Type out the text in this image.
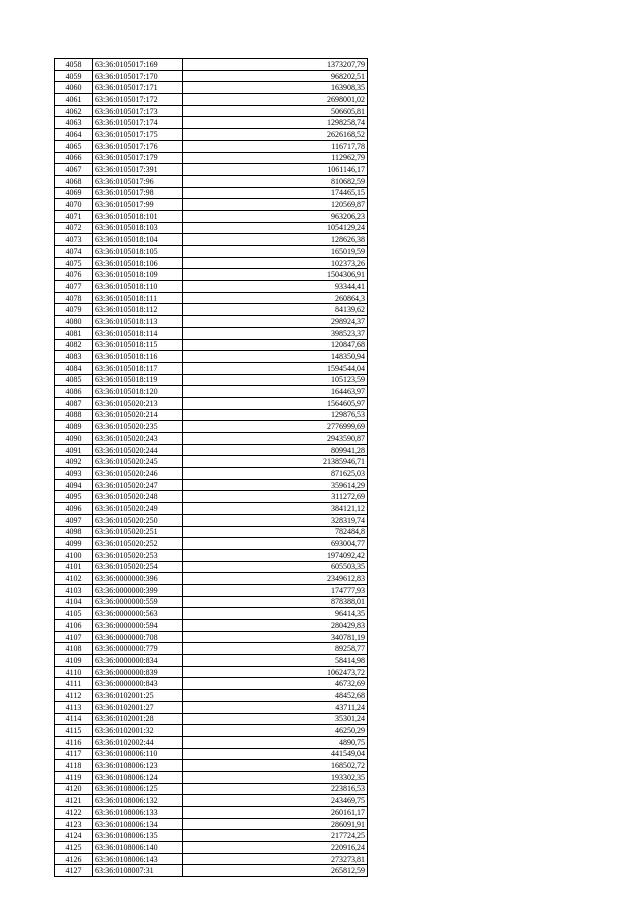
4058	63:36:0105017:169	1373207,79
4059	63:36:0105017:170	968202,51
4060	63:36:0105017:171	163908,35
4061	63:36:0105017:172	2698001,02
4062	63:36:0105017:173	506605,81
4063	63:36:0105017:174	1298258,74
4064	63:36:0105017:175	2626168,52
4065	63:36:0105017:176	116717,78
4066	63:36:0105017:179	112962,79
4067	63:36:0105017:391	1061146,17
4068	63:36:0105017:96	810682,59
4069	63:36:0105017:98	174465,15
4070	63:36:0105017:99	120569,87
4071	63:36:0105018:101	963206,23
4072	63:36:0105018:103	1054129,24
4073	63:36:0105018:104	128626,38
4074	63:36:0105018:105	165019,59
4075	63:36:0105018:106	102373,26
4076	63:36:0105018:109	1504306,91
4077	63:36:0105018:110	93344,41
4078	63:36:0105018:111	260864,3
4079	63:36:0105018:112	84139,62
4080	63:36:0105018:113	298924,37
4081	63:36:0105018:114	398523,37
4082	63:36:0105018:115	120847,68
4083	63:36:0105018:116	148350,94
4084	63:36:0105018:117	1594544,04
4085	63:36:0105018:119	105123,59
4086	63:36:0105018:120	164463,97
4087	63:36:0105020:213	1564605,97
4088	63:36:0105020:214	129876,53
4089	63:36:0105020:235	2776999,69
4090	63:36:0105020:243	2943590,87
4091	63:36:0105020:244	809941,28
4092	63:36:0105020:245	21385946,71
4093	63:36:0105020:246	871625,03
4094	63:36:0105020:247	359614,29
4095	63:36:0105020:248	311272,69
4096	63:36:0105020:249	384121,12
4097	63:36:0105020:250	328319,74
4098	63:36:0105020:251	782484,8
4099	63:36:0105020:252	693004,77
4100	63:36:0105020:253	1974092,42
4101	63:36:0105020:254	605503,35
4102	63:36:0000000:396	2349612,83
4103	63:36:0000000:399	174777,93
4104	63:36:0000000:559	878388,01
4105	63:36:0000000:563	96414,35
4106	63:36:0000000:594	280429,83
4107	63:36:0000000:708	340781,19
4108	63:36:0000000:779	89258,77
4109	63:36:0000000:834	58414,98
4110	63:36:0000000:839	1062473,72
4111	63:36:0000000:843	46732,69
4112	63:36:0102001:25	48452,68
4113	63:36:0102001:27	43711,24
4114	63:36:0102001:28	35301,24
4115	63:36:0102001:32	46250,29
4116	63:36:0102002:44	4890,75
4117	63:36:0108006:110	441549,04
4118	63:36:0108006:123	168502,72
4119	63:36:0108006:124	193302,35
4120	63:36:0108006:125	223816,53
4121	63:36:0108006:132	243469,75
4122	63:36:0108006:133	260161,17
4123	63:36:0108006:134	286091,91
4124	63:36:0108006:135	217724,25
4125	63:36:0108006:140	220916,24
4126	63:36:0108006:143	273273,81
4127	63:36:0108007:31	265812,59
